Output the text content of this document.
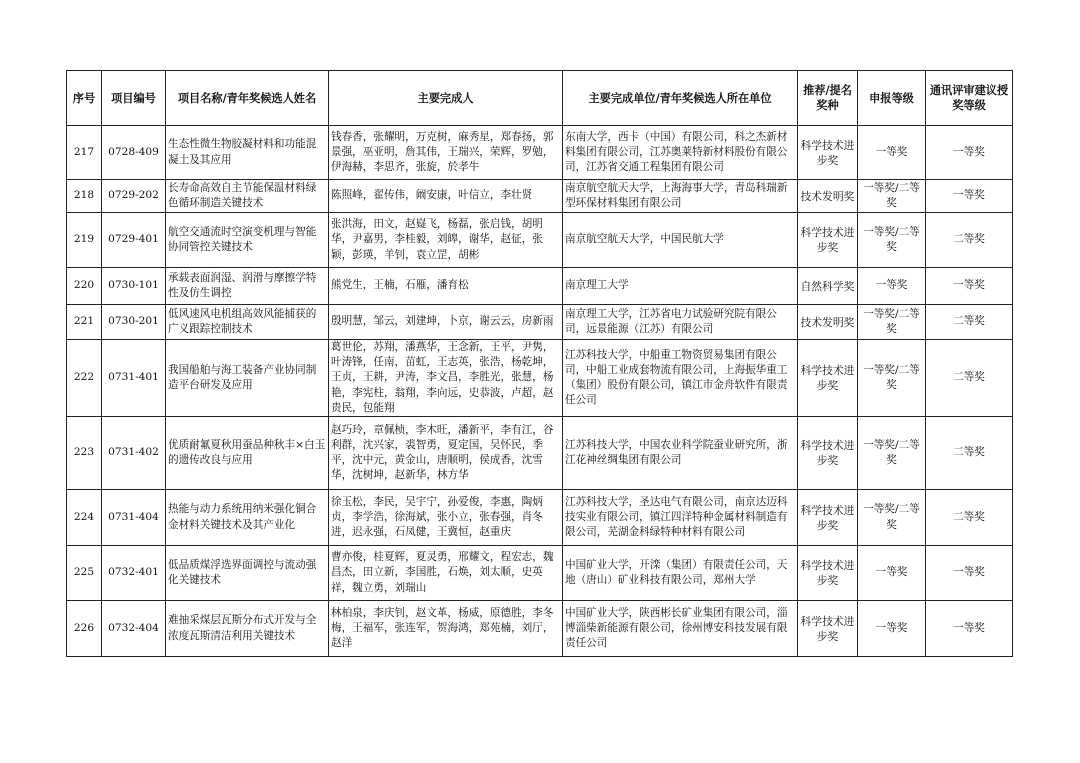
序号	项目编号	项目名称/青年奖候选人姓名	主要完成人	主要完成单位/青年奖候选人所在单位	推荐/提名奖种	申报等级	通讯评审建议授奖等级
217	0728-409	生态性微生物胶凝材料和功能混凝土及其应用	钱春香，张耀明，万克树，麻秀星，郑春扬，郭景强，巫亚明，詹其伟，王瑞兴，荣辉，罗勉，伊海赫，李思齐，张旋，於孝牛	东南大学，西卡（中国）有限公司，科之杰新材料集团有限公司，江苏奥莱特新材料股份有限公司，江苏省交通工程集团有限公司	科学技术进步奖	一等奖	一等奖
218	0729-202	长寿命高效自主节能保温材料绿色循环制造关键技术	陈照峰，翟传伟，阚安康，叶信立，李壮贤	南京航空航天大学，上海海事大学，青岛科瑞新型环保材料集团有限公司	技术发明奖	一等奖/二等奖	一等奖
219	0729-401	航空交通流时空演变机理与智能协同管控关键技术	张洪海，田文，赵嶷飞，杨磊，张启钱，胡明华，尹嘉男，李桂毅，刘皞，谢华，赵征，张颖，彭瑛，羊钊，袁立罡，胡彬	南京航空航天大学，中国民航大学	科学技术进步奖	一等奖/二等奖	二等奖
220	0730-101	承载表面润湿、润滑与摩擦学特性及仿生调控	熊党生，王楠，石雁，潘育松	南京理工大学	自然科学奖	一等奖	一等奖
221	0730-201	低风速风电机组高效风能捕获的广义跟踪控制技术	殷明慧，邹云，刘建坤，卜京，谢云云，房新雨	南京理工大学，江苏省电力试验研究院有限公司，远景能源（江苏）有限公司	技术发明奖	一等奖/二等奖	二等奖
222	0731-401	我国船舶与海工装备产业协同制造平台研发及应用	葛世伦，苏翔，潘燕华，王念新，王平，尹隽，叶涛锋，任南，苗虹，王志英，张浩，杨乾坤，王贞，王耕，尹涛，李文昌，李胜光，张慧，杨艳，李宪柱，翁翔，李向远，史恭波，卢超，赵贵民，包能翔	江苏科技大学，中船重工物资贸易集团有限公司，中船工业成套物流有限公司，上海振华重工（集团）股份有限公司，镇江市金舟软件有限责任公司	科学技术进步奖	一等奖/二等奖	二等奖
223	0731-402	优质耐氟夏秋用蚕品种秋丰×白玉的遗传改良与应用	赵巧玲，章佩桢，李木旺，潘新平，李有江，谷利群，沈兴家，裘智勇，夏定国，吴怀民，季平，沈中元，黄金山，唐顺明，侯成香，沈雪华，沈树坤，赵新华，林方华	江苏科技大学，中国农业科学院蚕业研究所，浙江花神丝绸集团有限公司	科学技术进步奖	一等奖/二等奖	二等奖
224	0731-404	热能与动力系统用纳米强化铜合金材料关键技术及其产业化	徐玉松，李民，吴宇宁，孙爱俊，李惠，陶炳贞，李学浩，徐海斌，张小立，张春强，肖冬进，迟永强，石凤健，王冀恒，赵重庆	江苏科技大学，圣达电气有限公司，南京达迈科技实业有限公司，镇江四洋特种金属材料制造有限公司，芜湖金科绿特种材料有限公司	科学技术进步奖	一等奖/二等奖	二等奖
225	0732-401	低品质煤浮选界面调控与流动强化关键技术	曹亦俊，桂夏辉，夏灵勇，邢耀文，程宏志，魏昌杰，田立新，李国胜，石焕，刘太顺，史英祥，魏立勇，刘瑞山	中国矿业大学，开滦（集团）有限责任公司，天地（唐山）矿业科技有限公司，郑州大学	科学技术进步奖	一等奖	一等奖
226	0732-404	难抽采煤层瓦斯分布式开发与全浓度瓦斯清洁利用关键技术	林柏泉，李庆钊，赵文革，杨威，原德胜，李冬梅，王福军，张连军，贺海鸿，郑苑楠，刘厅，赵洋	中国矿业大学，陕西彬长矿业集团有限公司，淄博淄柴新能源有限公司，徐州博安科技发展有限责任公司	科学技术进步奖	一等奖	一等奖
